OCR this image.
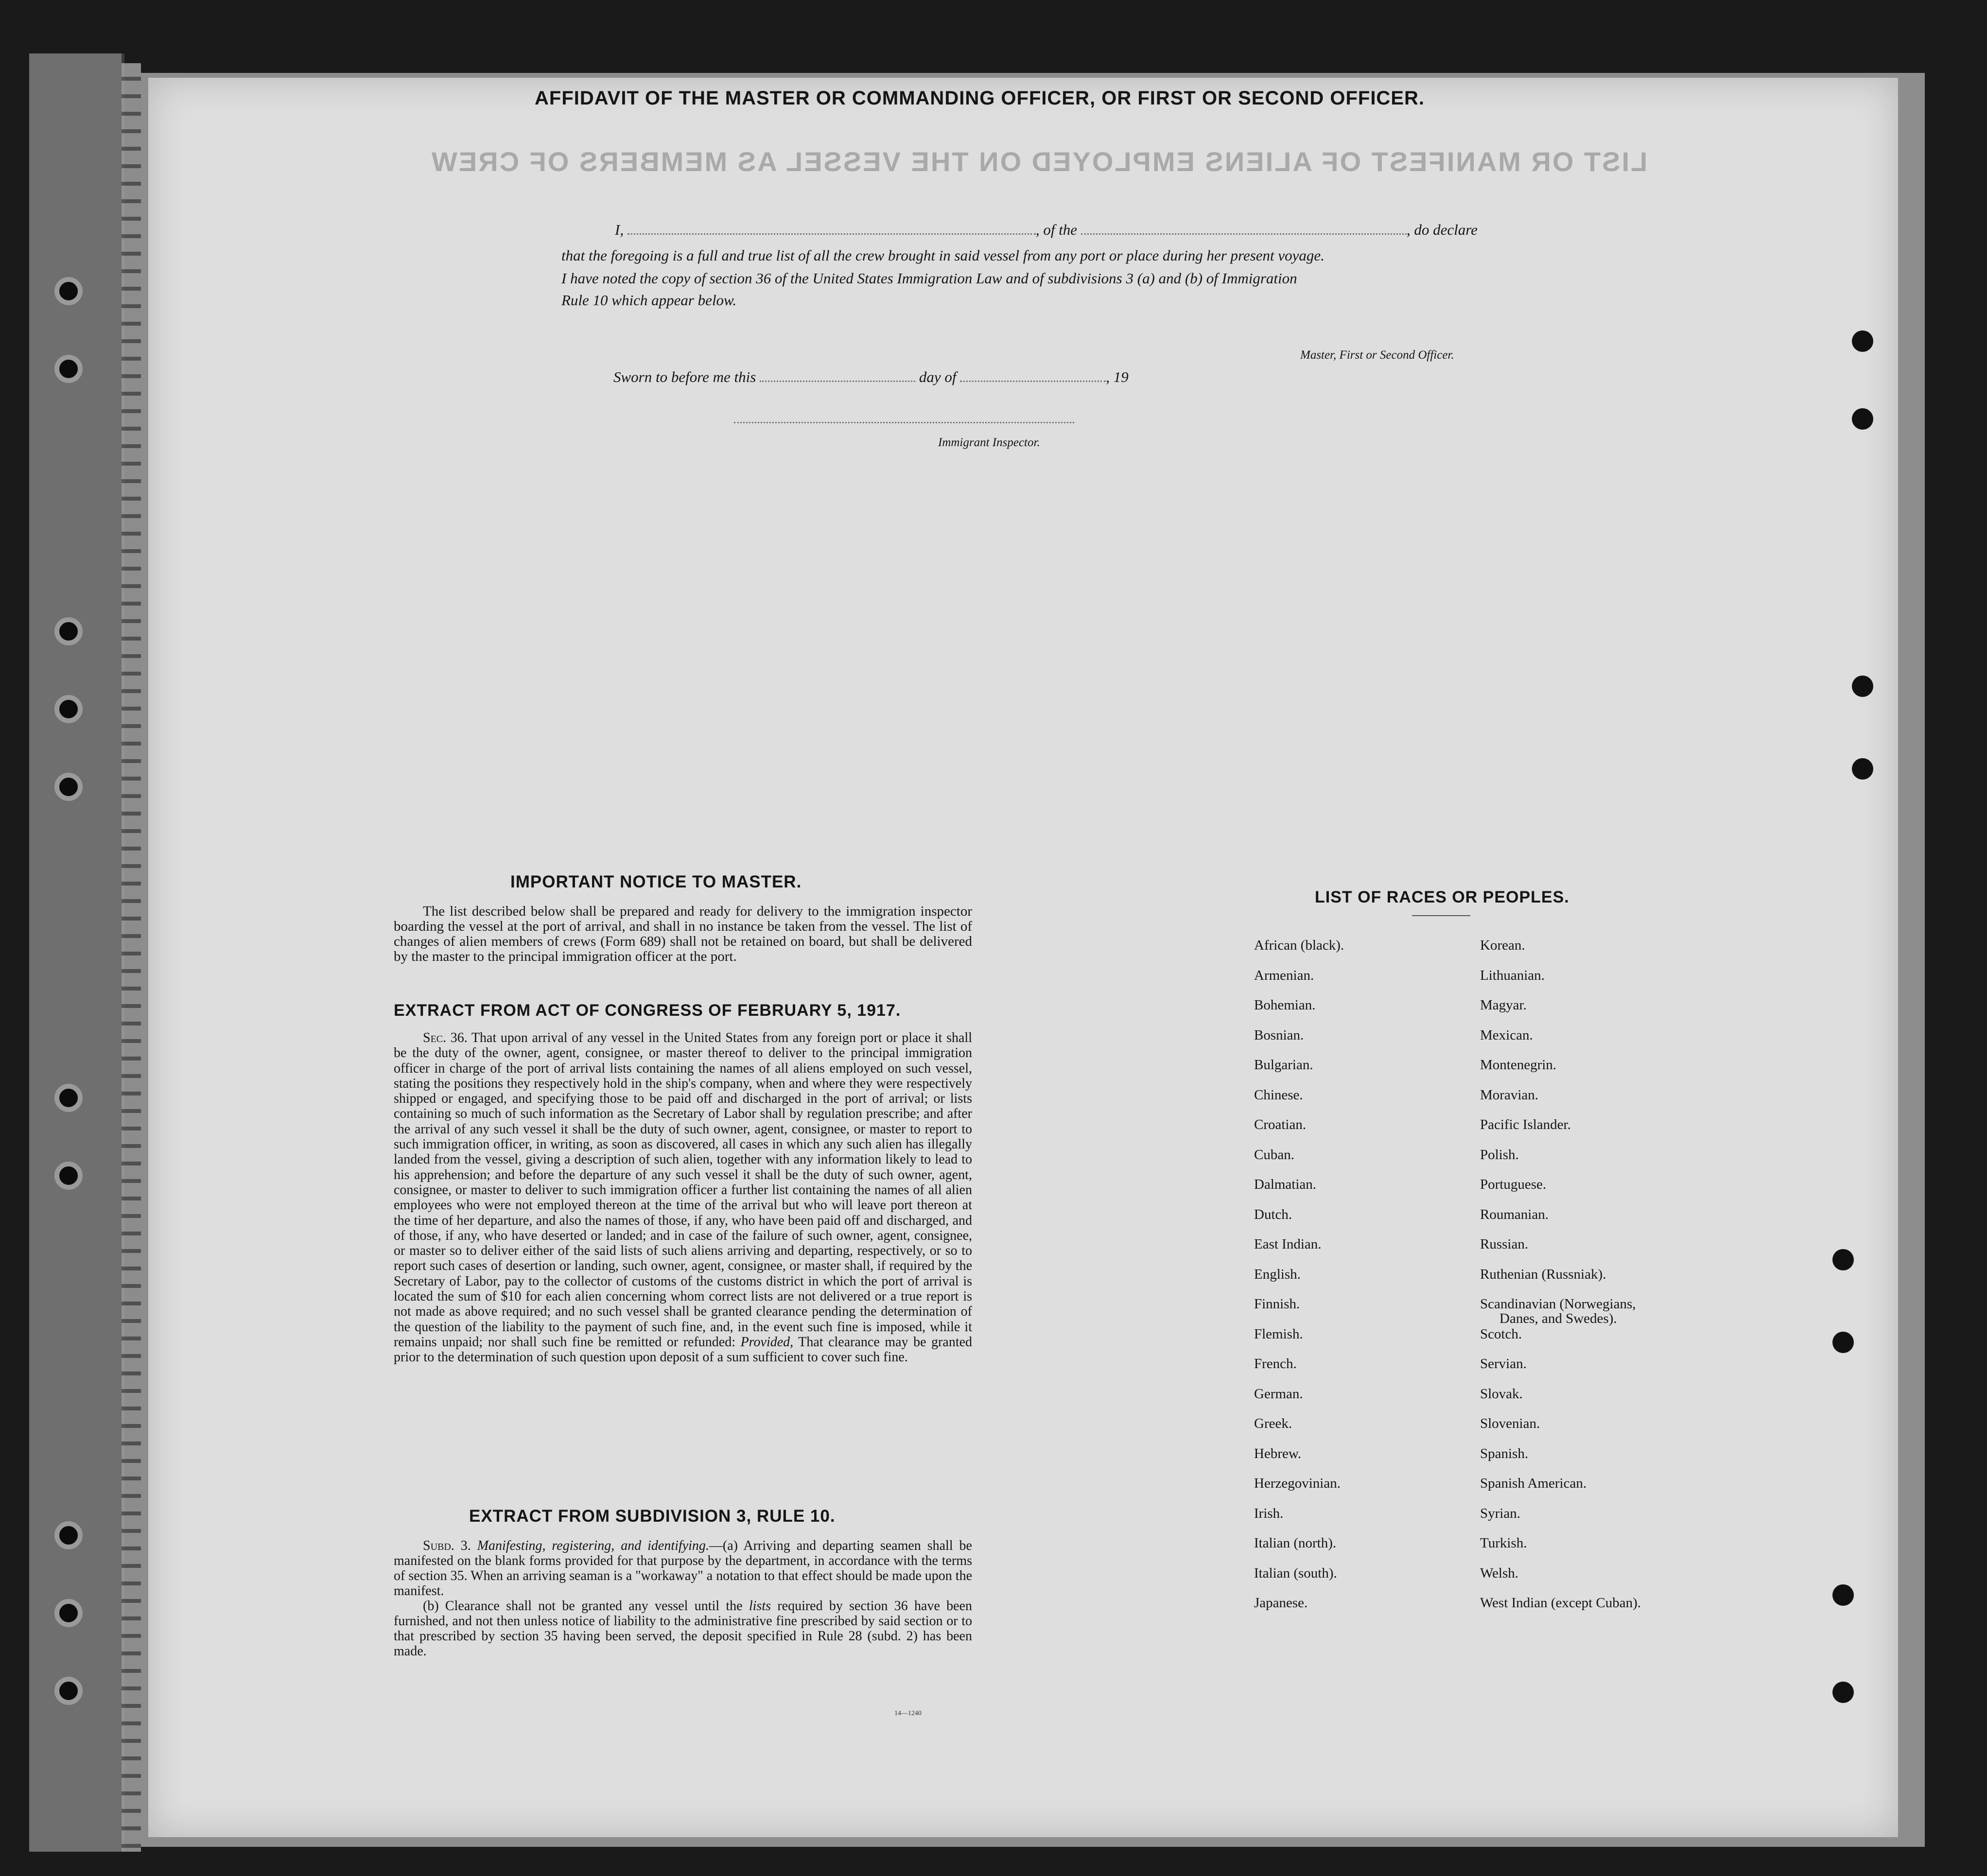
LIST OR MANIFEST OF ALIENS EMPLOYED ON THE VESSEL AS MEMBERS OF CREW
AFFIDAVIT OF THE MASTER OR COMMANDING OFFICER, OR FIRST OR SECOND OFFICER.
I,	, of the	, do declare
that the foregoing is a full and true list of all the crew brought in said vessel from any port or place during her present voyage.
I have noted the copy of section 36 of the United States Immigration Law and of subdivisions 3 (a) and (b) of Immigration
Rule 10 which appear below.
Master, First or Second Officer.
Sworn to before me this	day of	, 19
Immigrant Inspector.
IMPORTANT NOTICE TO MASTER.
The list described below shall be prepared and ready for delivery to the immigration inspector boarding the vessel at the port of arrival, and shall in no instance be taken from the vessel. The list of changes of alien members of crews (Form 689) shall not be retained on board, but shall be delivered by the master to the principal immigration officer at the port.
EXTRACT FROM ACT OF CONGRESS OF FEBRUARY 5, 1917.
Sec. 36. That upon arrival of any vessel in the United States from any foreign port or place it shall be the duty of the owner, agent, consignee, or master thereof to deliver to the principal immigration officer in charge of the port of arrival lists containing the names of all aliens employed on such vessel, stating the positions they respectively hold in the ship's company, when and where they were respectively shipped or engaged, and specifying those to be paid off and discharged in the port of arrival; or lists containing so much of such information as the Secretary of Labor shall by regulation prescribe; and after the arrival of any such vessel it shall be the duty of such owner, agent, consignee, or master to report to such immigration officer, in writing, as soon as discovered, all cases in which any such alien has illegally landed from the vessel, giving a description of such alien, together with any information likely to lead to his apprehension; and before the departure of any such vessel it shall be the duty of such owner, agent, consignee, or master to deliver to such immigration officer a further list containing the names of all alien employees who were not employed thereon at the time of the arrival but who will leave port thereon at the time of her departure, and also the names of those, if any, who have been paid off and discharged, and of those, if any, who have deserted or landed; and in case of the failure of such owner, agent, consignee, or master so to deliver either of the said lists of such aliens arriving and departing, respectively, or so to report such cases of desertion or landing, such owner, agent, consignee, or master shall, if required by the Secretary of Labor, pay to the collector of customs of the customs district in which the port of arrival is located the sum of $10 for each alien concerning whom correct lists are not delivered or a true report is not made as above required; and no such vessel shall be granted clearance pending the determination of the question of the liability to the payment of such fine, and, in the event such fine is imposed, while it remains unpaid; nor shall such fine be remitted or refunded: Provided, That clearance may be granted prior to the determination of such question upon deposit of a sum sufficient to cover such fine.
EXTRACT FROM SUBDIVISION 3, RULE 10.

Subd. 3. Manifesting, registering, and identifying.—(a) Arriving and departing seamen shall be manifested on the blank forms provided for that purpose by the department, in accordance with the terms of section 35. When an arriving seaman is a "workaway" a notation to that effect should be made upon the manifest.

(b) Clearance shall not be granted any vessel until the lists required by section 36 have been furnished, and not then unless notice of liability to the administrative fine prescribed by said section or to that prescribed by section 35 having been served, the deposit specified in Rule 28 (subd. 2) has been made.

14—1240
LIST OF RACES OR PEOPLES.
African (black).
Armenian.
Bohemian.
Bosnian.
Bulgarian.
Chinese.
Croatian.
Cuban.
Dalmatian.
Dutch.
East Indian.
English.
Finnish.
Flemish.
French.
German.
Greek.
Hebrew.
Herzegovinian.
Irish.
Italian (north).
Italian (south).
Japanese.
Korean.
Lithuanian.
Magyar.
Mexican.
Montenegrin.
Moravian.
Pacific Islander.
Polish.
Portuguese.
Roumanian.
Russian.
Ruthenian (Russniak).
Scandinavian (Norwegians,
Danes, and Swedes).
Scotch.
Servian.
Slovak.
Slovenian.
Spanish.
Spanish American.
Syrian.
Turkish.
Welsh.
West Indian (except Cuban).
